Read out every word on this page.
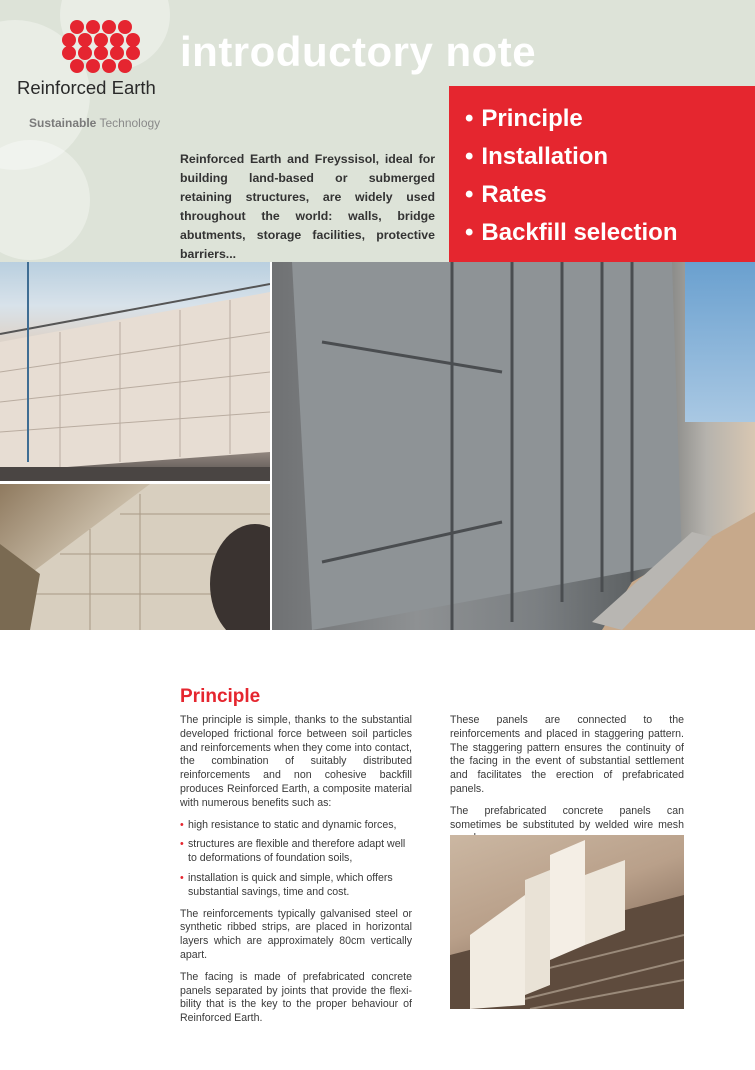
Reinforced Earth
Sustainable Technology
introductory note
Reinforced Earth and Freyssisol, ideal for building land-based or submerged retaining structures, are widely used throughout the world: walls, bridge abutments, storage facilities, protective barriers...
• Principle
• Installation
• Rates
• Backfill selection
Principle

The principle is simple, thanks to the substantial developed frictional force between soil particles and reinforcements when they come into contact, the combination of suitably distributed reinforcements and non cohesive backfill produces Reinforced Earth, a composite material with numerous benefits such as:

• high resistance to static and dynamic forces,
• structures are flexible and therefore adapt well to deformations of foundation soils,
• installation is quick and simple, which offers substantial savings, time and cost.

The reinforcements typically galvanised steel or synthetic ribbed strips, are placed in horizontal layers which are approximately 80cm vertically apart.

The facing is made of prefabricated concrete panels separated by joints that provide the flexi-bility that is the key to the proper behaviour of Reinforced Earth.

These panels are connected to the reinforcements and placed in staggering pattern. The staggering pattern ensures the continuity of the facing in the event of substantial settlement and facilitates the erection of prefabricated panels.

The prefabricated concrete panels can sometimes be substituted by welded wire mesh
